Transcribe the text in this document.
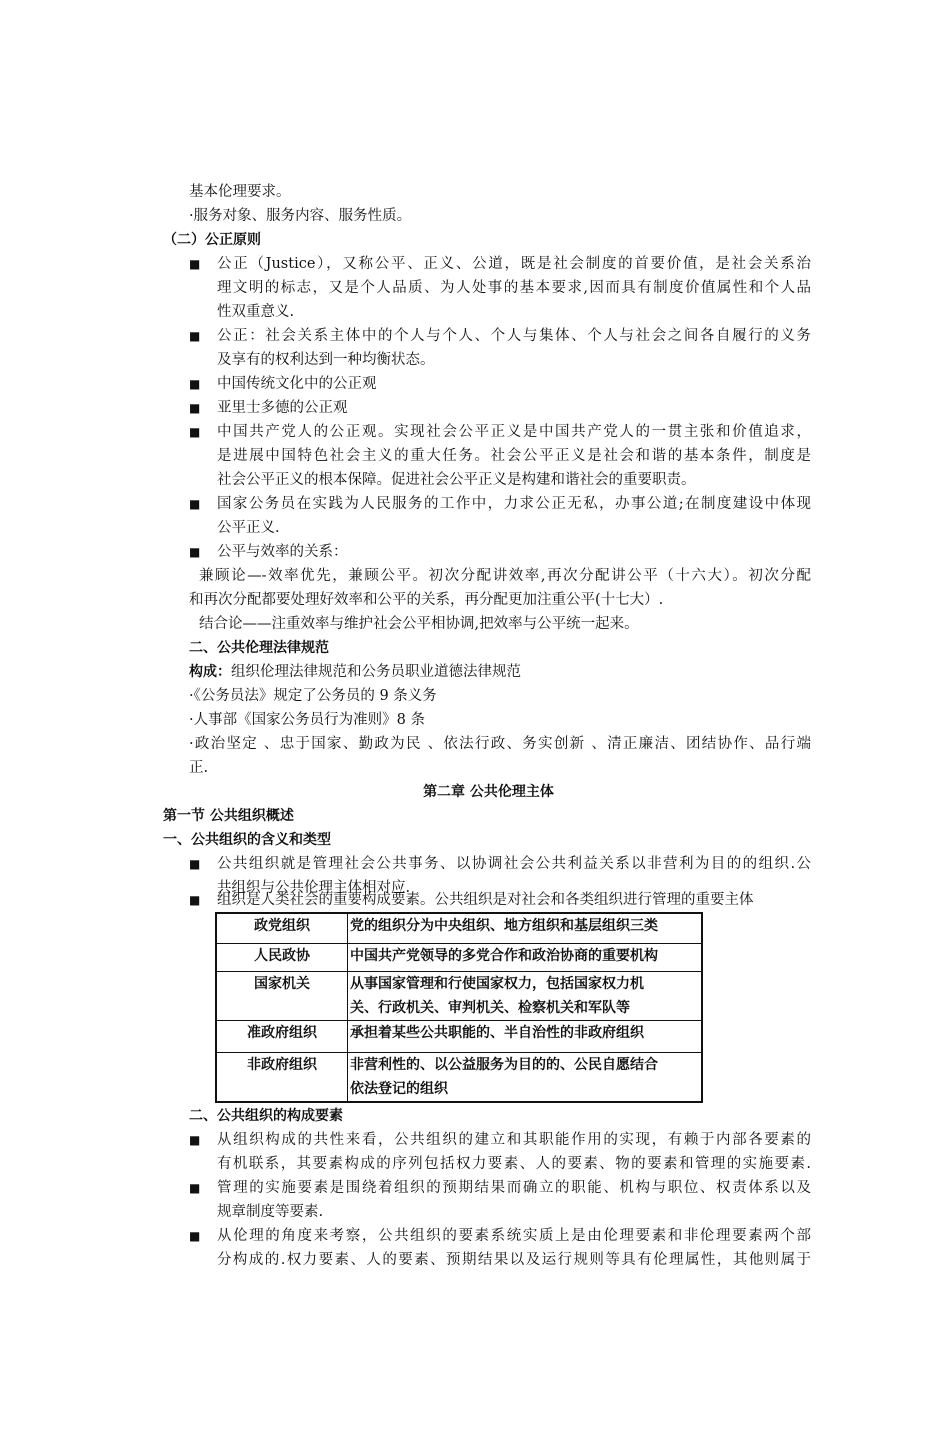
基本伦理要求。
·服务对象、服务内容、服务性质。
（二）公正原则
■ 公正（Justice），又称公平、正义、公道，既是社会制度的首要价值，是社会关系治
理文明的标志，又是个人品质、为人处事的基本要求,因而具有制度价值属性和个人品
性双重意义.
■ 公正：社会关系主体中的个人与个人、个人与集体、个人与社会之间各自履行的义务
及享有的权利达到一种均衡状态。
■ 中国传统文化中的公正观
■ 亚里士多德的公正观
■ 中国共产党人的公正观。实现社会公平正义是中国共产党人的一贯主张和价值追求，
是进展中国特色社会主义的重大任务。社会公平正义是社会和谐的基本条件，制度是
社会公平正义的根本保障。促进社会公平正义是构建和谐社会的重要职责。
■ 国家公务员在实践为人民服务的工作中，力求公正无私，办事公道;在制度建设中体现
公平正义.
■ 公平与效率的关系：
兼顾论—-效率优先，兼顾公平。初次分配讲效率,再次分配讲公平（十六大）。初次分配
和再次分配都要处理好效率和公平的关系，再分配更加注重公平(十七大）.
结合论——注重效率与维护社会公平相协调,把效率与公平统一起来。
二、公共伦理法律规范
构成：组织伦理法律规范和公务员职业道德法律规范
·《公务员法》规定了公务员的 9 条义务
·人事部《国家公务员行为准则》8 条
·政治坚定 、忠于国家、勤政为民 、依法行政、务实创新 、清正廉洁、团结协作、品行端
正.
第二章 公共伦理主体
第一节 公共组织概述
一、公共组织的含义和类型
■ 公共组织就是管理社会公共事务、以协调社会公共利益关系以非营利为目的的组织.公
共组织与公共伦理主体相对应.
■ 组织是人类社会的重要构成要素。公共组织是对社会和各类组织进行管理的重要主体
政党组织	党的组织分为中央组织、地方组织和基层组织三类

人民政协	中国共产党领导的多党合作和政治协商的重要机构

国家机关	从事国家管理和行使国家权力，包括国家权力机
关、行政机关、审判机关、检察机关和军队等

准政府组织	承担着某些公共职能的、半自治性的非政府组织

非政府组织	非营利性的、以公益服务为目的的、公民自愿结合
依法登记的组织
二、公共组织的构成要素
■ 从组织构成的共性来看，公共组织的建立和其职能作用的实现，有赖于内部各要素的
有机联系，其要素构成的序列包括权力要素、人的要素、物的要素和管理的实施要素.
■ 管理的实施要素是围绕着组织的预期结果而确立的职能、机构与职位、权责体系以及
规章制度等要素.
■ 从伦理的角度来考察，公共组织的要素系统实质上是由伦理要素和非伦理要素两个部
分构成的.权力要素、人的要素、预期结果以及运行规则等具有伦理属性，其他则属于
